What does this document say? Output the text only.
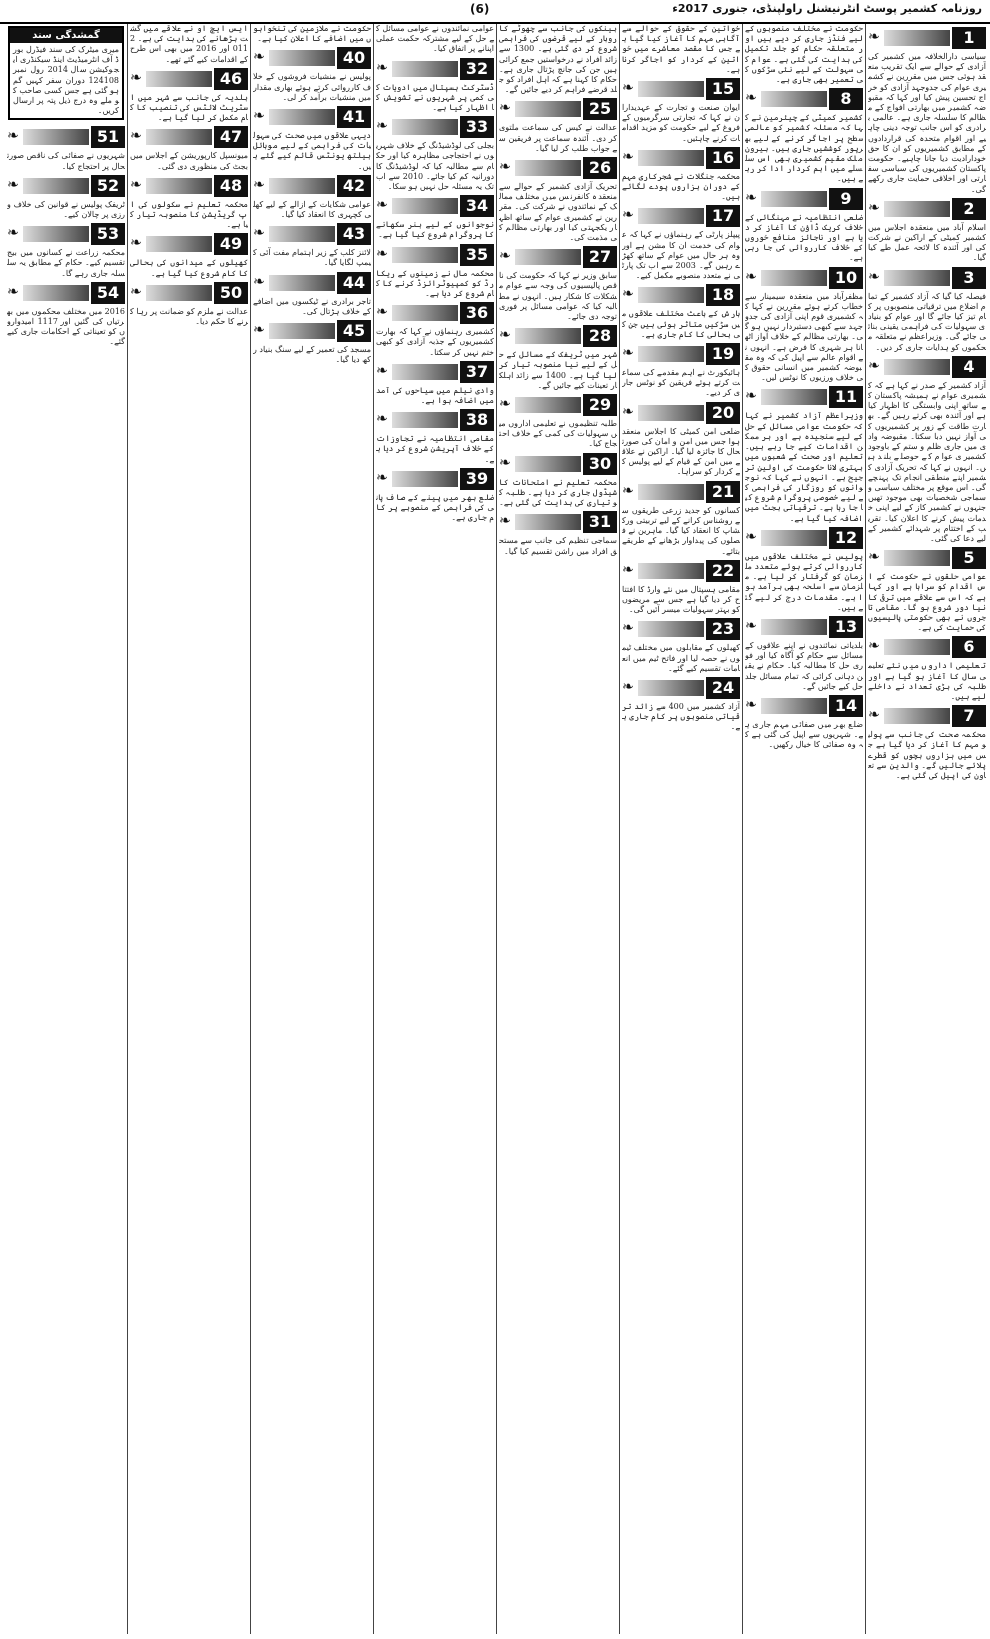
روزنامہ کشمیر پوسٹ انٹرنیشنل راولپنڈی، جنوری 2017ء
(6)
1
❧
سیاسی دارالخلافہ میں کشمیر کی آزادی کے حوالے سے ایک تقریب منعقد ہوئی جس میں مقررین نے کشمیری عوام کی جدوجہد آزادی کو خراج تحسین پیش کیا اور کہا کہ مقبوضہ کشمیر میں بھارتی افواج کے مظالم کا سلسلہ جاری ہے۔ عالمی برادری کو اس جانب توجہ دینی چاہیے اور اقوام متحدہ کی قراردادوں کے مطابق کشمیریوں کو ان کا حق خودارادیت دیا جانا چاہیے۔ حکومت پاکستان کشمیریوں کی سیاسی سفارتی اور اخلاقی حمایت جاری رکھے گی۔
2
❧
اسلام آباد میں منعقدہ اجلاس میں کشمیر کمیٹی کے اراکین نے شرکت کی اور آئندہ کا لائحہ عمل طے کیا گیا۔
3
❧
فیصلہ کیا گیا کہ آزاد کشمیر کے تمام اضلاع میں ترقیاتی منصوبوں پر کام تیز کیا جائے گا اور عوام کو بنیادی سہولیات کی فراہمی یقینی بنائی جائے گی۔ وزیراعظم نے متعلقہ محکموں کو ہدایات جاری کر دیں۔
4
❧
آزاد کشمیر کے صدر نے کہا ہے کہ کشمیری عوام نے ہمیشہ پاکستان کے ساتھ اپنی وابستگی کا اظہار کیا ہے اور آئندہ بھی کرتے رہیں گے۔ بھارت طاقت کے زور پر کشمیریوں کی آواز نہیں دبا سکتا۔ مقبوضہ وادی میں جاری ظلم و ستم کے باوجود کشمیری عوام کے حوصلے بلند ہیں۔ انہوں نے کہا کہ تحریک آزادی کشمیر اپنے منطقی انجام تک پہنچے گی۔ اس موقع پر مختلف سیاسی و سماجی شخصیات بھی موجود تھیں جنہوں نے کشمیر کاز کے لیے اپنی خدمات پیش کرنے کا اعلان کیا۔ تقریب کے اختتام پر شہدائے کشمیر کے لیے دعا کی گئی۔
5
❧
عوامی حلقوں نے حکومت کے اس اقدام کو سراہا ہے اور کہا ہے کہ اس سے علاقے میں ترقی کا نیا دور شروع ہو گا۔ مقامی تاجروں نے بھی حکومتی پالیسیوں کی حمایت کی ہے۔
6
❧
تعلیمی اداروں میں نئے تعلیمی سال کا آغاز ہو گیا ہے اور طلبہ کی بڑی تعداد نے داخلے لیے ہیں۔
7
❧
محکمہ صحت کی جانب سے پولیو مہم کا آغاز کر دیا گیا ہے جس میں ہزاروں بچوں کو قطرے پلائے جائیں گے۔ والدین سے تعاون کی اپیل کی گئی ہے۔
حکومت نے مختلف منصوبوں کے لیے فنڈز جاری کر دیے ہیں اور متعلقہ حکام کو جلد تکمیل کی ہدایت کی گئی ہے۔ عوام کی سہولت کے لیے نئی سڑکوں کی تعمیر بھی جاری ہے۔
8
❧
کشمیر کمیٹی کے چیئرمین نے کہا کہ مسئلہ کشمیر کو عالمی سطح پر اجاگر کرنے کے لیے بھرپور کوششیں جاری ہیں۔ بیرون ملک مقیم کشمیری بھی اس سلسلے میں اہم کردار ادا کر رہے ہیں۔
9
❧
ضلعی انتظامیہ نے مہنگائی کے خلاف کریک ڈاؤن کا آغاز کر دیا ہے اور ناجائز منافع خوروں کے خلاف کارروائی کی جا رہی ہے۔
10
❧
مظفرآباد میں منعقدہ سیمینار سے خطاب کرتے ہوئے مقررین نے کہا کہ کشمیری قوم اپنی آزادی کی جدوجہد سے کبھی دستبردار نہیں ہو گی۔ بھارتی مظالم کے خلاف آواز اٹھانا ہر شہری کا فرض ہے۔ انہوں نے اقوام عالم سے اپیل کی کہ وہ مقبوضہ کشمیر میں انسانی حقوق کی خلاف ورزیوں کا نوٹس لیں۔
11
❧
وزیراعظم آزاد کشمیر نے کہا کہ حکومت عوامی مسائل کے حل کے لیے سنجیدہ ہے اور ہر ممکن اقدامات کیے جا رہے ہیں۔ تعلیم اور صحت کے شعبوں میں بہتری لانا حکومت کی اولین ترجیح ہے۔ انہوں نے کہا کہ نوجوانوں کو روزگار کی فراہمی کے لیے خصوصی پروگرام شروع کیا جا رہا ہے۔ ترقیاتی بجٹ میں اضافہ کیا گیا ہے۔
12
❧
پولیس نے مختلف علاقوں میں کارروائی کرتے ہوئے متعدد ملزمان کو گرفتار کر لیا ہے۔ ملزمان سے اسلحہ بھی برآمد ہوا ہے۔ مقدمات درج کر لیے گئے ہیں۔
13
❧
بلدیاتی نمائندوں نے اپنے علاقوں کے مسائل سے حکام کو آگاہ کیا اور فوری حل کا مطالبہ کیا۔ حکام نے یقین دہانی کرائی کہ تمام مسائل جلد حل کیے جائیں گے۔
14
❧
ضلع بھر میں صفائی مہم جاری ہے۔ شہریوں سے اپیل کی گئی ہے کہ وہ صفائی کا خیال رکھیں۔
خواتین کے حقوق کے حوالے سے آگاہی مہم کا آغاز کیا گیا ہے جس کا مقصد معاشرے میں خواتین کے کردار کو اجاگر کرنا ہے۔
15
❧
ایوان صنعت و تجارت کے عہدیداران نے کہا کہ تجارتی سرگرمیوں کے فروغ کے لیے حکومت کو مزید اقدامات کرنے چاہئیں۔
16
❧
محکمہ جنگلات نے شجرکاری مہم کے دوران ہزاروں پودے لگائے ہیں۔
17
❧
پیپلز پارٹی کے رہنماؤں نے کہا کہ عوام کی خدمت ان کا مشن ہے اور وہ ہر حال میں عوام کے ساتھ کھڑے رہیں گے۔ 2003 سے اب تک پارٹی نے متعدد منصوبے مکمل کیے۔
18
❧
بارش کے باعث مختلف علاقوں میں سڑکیں متاثر ہوئی ہیں جن کی بحالی کا کام جاری ہے۔
19
❧
ہائیکورٹ نے اہم مقدمے کی سماعت کرتے ہوئے فریقین کو نوٹس جاری کر دیے۔
20
❧
ضلعی امن کمیٹی کا اجلاس منعقد ہوا جس میں امن و امان کی صورتحال کا جائزہ لیا گیا۔ اراکین نے علاقے میں امن کے قیام کے لیے پولیس کے کردار کو سراہا۔
21
❧
کسانوں کو جدید زرعی طریقوں سے روشناس کرانے کے لیے تربیتی ورکشاپ کا انعقاد کیا گیا۔ ماہرین نے فصلوں کی پیداوار بڑھانے کے طریقے بتائے۔
22
❧
مقامی ہسپتال میں نئے وارڈ کا افتتاح کر دیا گیا ہے جس سے مریضوں کو بہتر سہولیات میسر آئیں گی۔
23
❧
کھیلوں کے مقابلوں میں مختلف ٹیموں نے حصہ لیا اور فاتح ٹیم میں انعامات تقسیم کیے گئے۔
24
❧
آزاد کشمیر میں 400 سے زائد ترقیاتی منصوبوں پر کام جاری ہے۔
بینکوں کی جانب سے چھوٹے کاروبار کے لیے قرضوں کی فراہمی شروع کر دی گئی ہے۔ 1300 سے زائد افراد نے درخواستیں جمع کرائی ہیں جن کی جانچ پڑتال جاری ہے۔ حکام کا کہنا ہے کہ اہل افراد کو جلد قرضے فراہم کر دیے جائیں گے۔
25
❧
عدالت نے کیس کی سماعت ملتوی کر دی۔ آئندہ سماعت پر فریقین سے جواب طلب کر لیا گیا۔
26
❧
تحریک آزادی کشمیر کے حوالے سے منعقدہ کانفرنس میں مختلف ممالک کے نمائندوں نے شرکت کی۔ مقررین نے کشمیری عوام کے ساتھ اظہار یکجہتی کیا اور بھارتی مظالم کی مذمت کی۔
27
❧
سابق وزیر نے کہا کہ حکومت کی ناقص پالیسیوں کی وجہ سے عوام مشکلات کا شکار ہیں۔ انہوں نے مطالبہ کیا کہ عوامی مسائل پر فوری توجہ دی جائے۔
28
❧
شہر میں ٹریفک کے مسائل کے حل کے لیے نیا منصوبہ تیار کر لیا گیا ہے۔ 1400 سے زائد اہلکار تعینات کیے جائیں گے۔
29
❧
طلبہ تنظیموں نے تعلیمی اداروں میں سہولیات کی کمی کے خلاف احتجاج کیا۔
30
❧
محکمہ تعلیم نے امتحانات کا شیڈول جاری کر دیا ہے۔ طلبہ کو تیاری کی ہدایت کی گئی ہے۔
31
❧
سماجی تنظیم کی جانب سے مستحق افراد میں راشن تقسیم کیا گیا۔
عوامی نمائندوں نے عوامی مسائل کے حل کے لیے مشترکہ حکمت عملی اپنانے پر اتفاق کیا۔
32
❧
ڈسٹرکٹ ہسپتال میں ادویات کی کمی پر شہریوں نے تشویش کا اظہار کیا ہے۔
33
❧
بجلی کی لوڈشیڈنگ کے خلاف شہریوں نے احتجاجی مظاہرہ کیا اور حکام سے مطالبہ کیا کہ لوڈشیڈنگ کا دورانیہ کم کیا جائے۔ 2010 سے اب تک یہ مسئلہ حل نہیں ہو سکا۔
34
❧
نوجوانوں کے لیے ہنر سکھانے کا پروگرام شروع کیا گیا ہے۔
35
❧
محکمہ مال نے زمینوں کے ریکارڈ کو کمپیوٹرائزڈ کرنے کا کام شروع کر دیا ہے۔
36
❧
کشمیری رہنماؤں نے کہا کہ بھارت کشمیریوں کے جذبہ آزادی کو کبھی ختم نہیں کر سکتا۔
37
❧
وادی نیلم میں سیاحوں کی آمد میں اضافہ ہوا ہے۔
38
❧
مقامی انتظامیہ نے تجاوزات کے خلاف آپریشن شروع کر دیا ہے۔
39
❧
ضلع بھر میں پینے کے صاف پانی کی فراہمی کے منصوبے پر کام جاری ہے۔
حکومت نے ملازمین کی تنخواہوں میں اضافے کا اعلان کیا ہے۔
40
❧
پولیس نے منشیات فروشوں کے خلاف کارروائی کرتے ہوئے بھاری مقدار میں منشیات برآمد کر لی۔
41
❧
دیہی علاقوں میں صحت کی سہولیات کی فراہمی کے لیے موبائل ہیلتھ یونٹس قائم کیے گئے ہیں۔
42
❧
عوامی شکایات کے ازالے کے لیے کھلی کچہری کا انعقاد کیا گیا۔
43
❧
لائنز کلب کے زیر اہتمام مفت آئی کیمپ لگایا گیا۔
44
❧
تاجر برادری نے ٹیکسوں میں اضافے کے خلاف ہڑتال کی۔
45
❧
مسجد کی تعمیر کے لیے سنگ بنیاد رکھ دیا گیا۔
ایس ایچ او نے علاقے میں گشت بڑھانے کی ہدایت کی ہے۔ 2011 اور 2016 میں بھی اس طرح کے اقدامات کیے گئے تھے۔
46
❧
بلدیہ کی جانب سے شہر میں اسٹریٹ لائٹس کی تنصیب کا کام مکمل کر لیا گیا ہے۔
47
❧
میونسپل کارپوریشن کے اجلاس میں بجٹ کی منظوری دی گئی۔
48
❧
محکمہ تعلیم نے سکولوں کی اپ گریڈیشن کا منصوبہ تیار کیا ہے۔
49
❧
کھیلوں کے میدانوں کی بحالی کا کام شروع کیا گیا ہے۔
50
❧
عدالت نے ملزم کو ضمانت پر رہا کرنے کا حکم دیا۔
گمشدگی سند
میری میٹرک کی سند فیڈرل بورڈ آف انٹرمیڈیٹ اینڈ سیکنڈری ایجوکیشن سال 2014 رول نمبر 124108 دوران سفر کہیں گم ہو گئی ہے جس کسی صاحب کو ملے وہ درج ذیل پتہ پر ارسال کریں۔
51
❧
شہریوں نے صفائی کی ناقص صورتحال پر احتجاج کیا۔
52
❧
ٹریفک پولیس نے قوانین کی خلاف ورزی پر چالان کیے۔
53
❧
محکمہ زراعت نے کسانوں میں بیج تقسیم کیے۔ حکام کے مطابق یہ سلسلہ جاری رہے گا۔
54
❧
2016 میں مختلف محکموں میں بھرتیاں کی گئیں اور 1117 امیدواروں کو تعیناتی کے احکامات جاری کیے گئے۔
